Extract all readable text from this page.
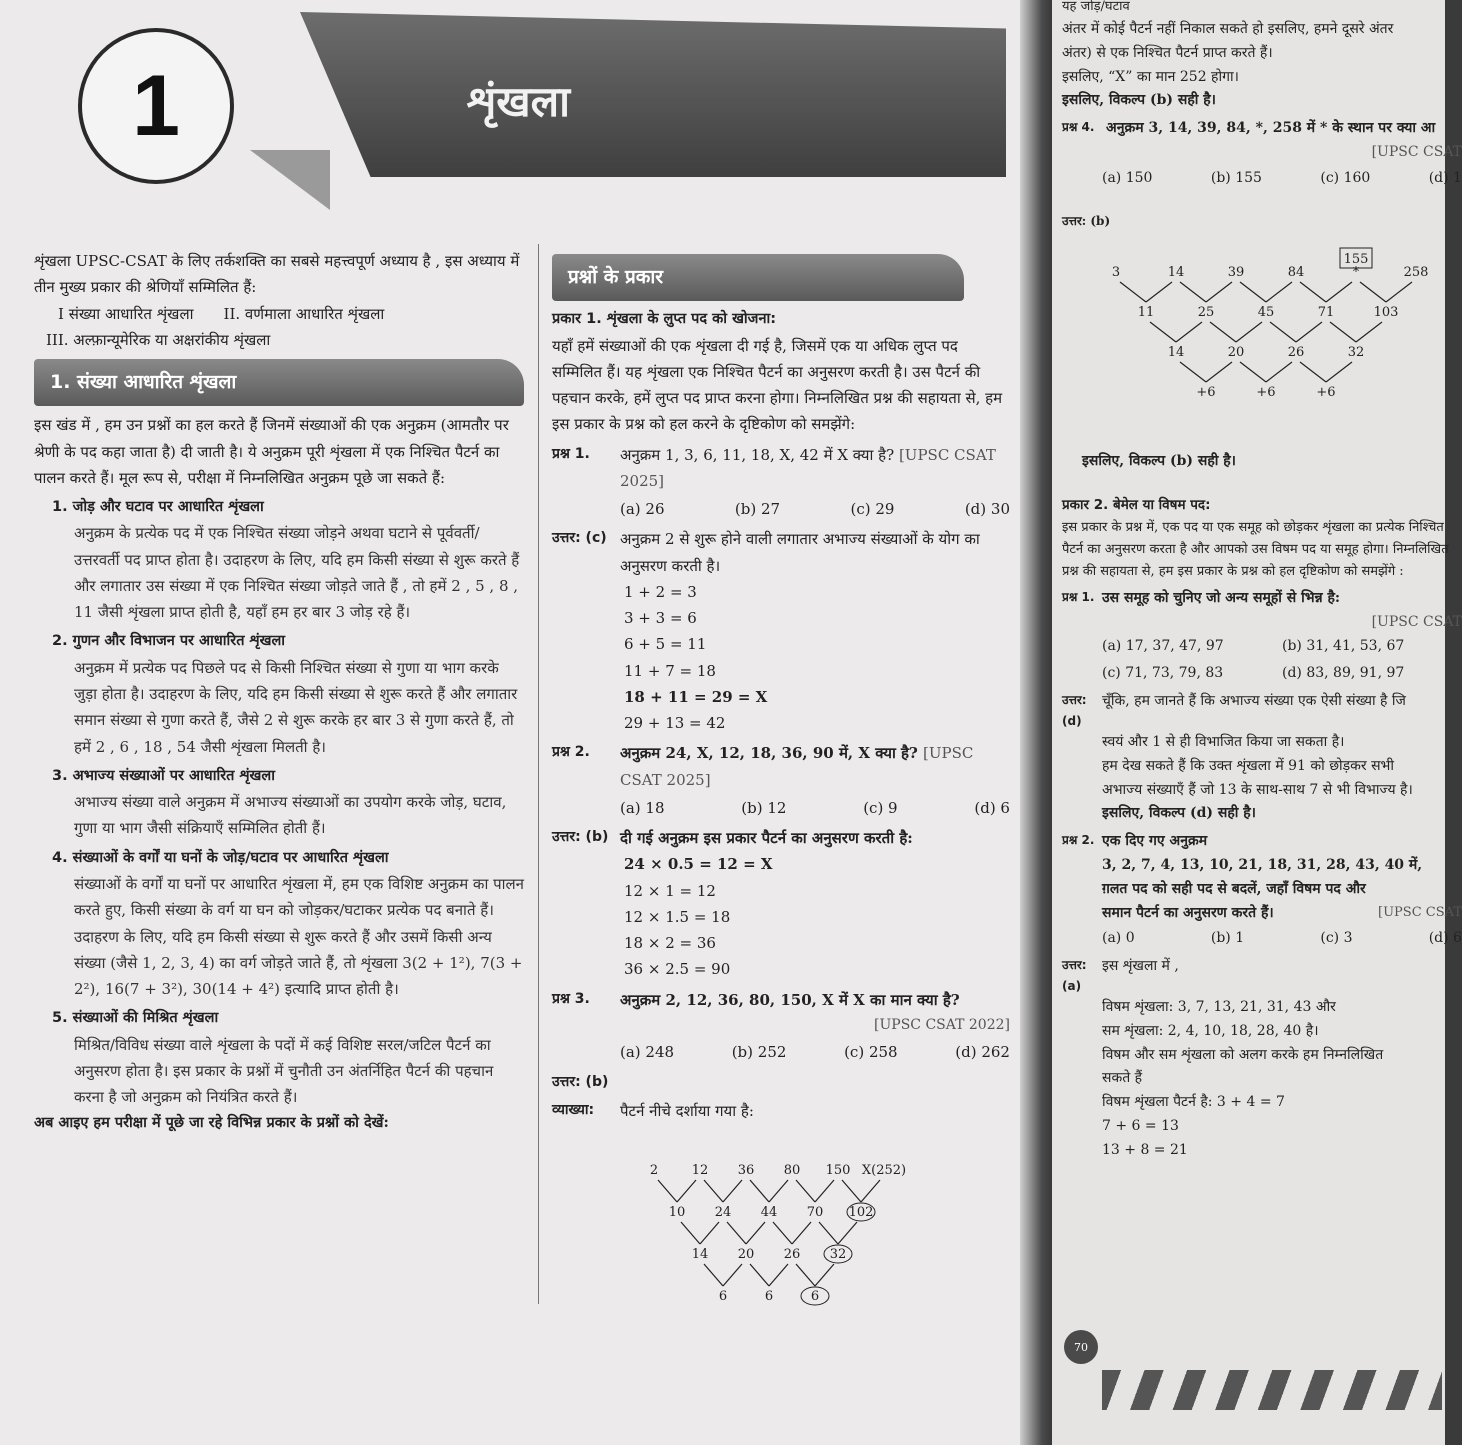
1	शृंखला

शृंखला UPSC-CSAT के लिए तर्कशक्ति का सबसे महत्त्वपूर्ण अध्याय है , इस अध्याय में तीन मुख्य प्रकार की श्रेणियाँ सम्मिलित हैं:

I संख्या आधारित शृंखला II. वर्णमाला आधारित शृंखला

III. अल्फ़ान्यूमेरिक या अक्षरांकीय शृंखला

1. संख्या आधारित शृंखला

इस खंड में , हम उन प्रश्नों का हल करते हैं जिनमें संख्याओं की एक अनुक्रम (आमतौर पर श्रेणी के पद कहा जाता है) दी जाती है। ये अनुक्रम पूरी शृंखला में एक निश्चित पैटर्न का पालन करते हैं। मूल रूप से, परीक्षा में निम्नलिखित अनुक्रम पूछे जा सकते हैं:

1. जोड़ और घटाव पर आधारित शृंखला

अनुक्रम के प्रत्येक पद में एक निश्चित संख्या जोड़ने अथवा घटाने से पूर्ववर्ती/उत्तरवर्ती पद प्राप्त होता है। उदाहरण के लिए, यदि हम किसी संख्या से शुरू करते हैं और लगातार उस संख्या में एक निश्चित संख्या जोड़ते जाते हैं , तो हमें 2 , 5 , 8 , 11 जैसी शृंखला प्राप्त होती है, यहाँ हम हर बार 3 जोड़ रहे हैं।

2. गुणन और विभाजन पर आधारित शृंखला

अनुक्रम में प्रत्येक पद पिछले पद से किसी निश्चित संख्या से गुणा या भाग करके जुड़ा होता है। उदाहरण के लिए, यदि हम किसी संख्या से शुरू करते हैं और लगातार समान संख्या से गुणा करते हैं, जैसे 2 से शुरू करके हर बार 3 से गुणा करते हैं, तो हमें 2 , 6 , 18 , 54 जैसी शृंखला मिलती है।

3. अभाज्य संख्याओं पर आधारित शृंखला

अभाज्य संख्या वाले अनुक्रम में अभाज्य संख्याओं का उपयोग करके जोड़, घटाव, गुणा या भाग जैसी संक्रियाएँ सम्मिलित होती हैं।

4. संख्याओं के वर्गों या घनों के जोड़/घटाव पर आधारित शृंखला

संख्याओं के वर्गों या घनों पर आधारित शृंखला में, हम एक विशिष्ट अनुक्रम का पालन करते हुए, किसी संख्या के वर्ग या घन को जोड़कर/घटाकर प्रत्येक पद बनाते हैं। उदाहरण के लिए, यदि हम किसी संख्या से शुरू करते हैं और उसमें किसी अन्य संख्या (जैसे 1, 2, 3, 4) का वर्ग जोड़ते जाते हैं, तो शृंखला 3(2 + 1²), 7(3 + 2²), 16(7 + 3²), 30(14 + 4²) इत्यादि प्राप्त होती है।

5. संख्याओं की मिश्रित शृंखला

मिश्रित/विविध संख्या वाले शृंखला के पदों में कई विशिष्ट सरल/जटिल पैटर्न का अनुसरण होता है। इस प्रकार के प्रश्नों में चुनौती उन अंतर्निहित पैटर्न की पहचान करना है जो अनुक्रम को नियंत्रित करते हैं।

अब आइए हम परीक्षा में पूछे जा रहे विभिन्न प्रकार के प्रश्नों को देखें:

प्रश्नों के प्रकार
प्रकार 1. शृंखला के लुप्त पद को खोजना:

यहाँ हमें संख्याओं की एक शृंखला दी गई है, जिसमें एक या अधिक लुप्त पद सम्मिलित हैं। यह शृंखला एक निश्चित पैटर्न का अनुसरण करती है। उस पैटर्न की पहचान करके, हमें लुप्त पद प्राप्त करना होगा। निम्नलिखित प्रश्न की सहायता से, हम इस प्रकार के प्रश्न को हल करने के दृष्टिकोण को समझेंगे:

प्रश्न 1.	अनुक्रम 1, 3, 6, 11, 18, X, 42 में X क्या है? [UPSC CSAT 2025]
(a) 26	(b) 27	(c) 29	(d) 30
उत्तर: (c) अनुक्रम 2 से शुरू होने वाली लगातार अभाज्य संख्याओं के योग का अनुसरण करती है।
1 + 2 = 3
3 + 3 = 6
6 + 5 = 11
11 + 7 = 18
18 + 11 = 29 = X
29 + 13 = 42
प्रश्न 2.	अनुक्रम 24, X, 12, 18, 36, 90 में, X क्या है? [UPSC CSAT 2025]
(a) 18	(b) 12	(c) 9	(d) 6
उत्तर: (b) दी गई अनुक्रम इस प्रकार पैटर्न का अनुसरण करती है:
24 × 0.5 = 12 = X
12 × 1 = 12
12 × 1.5 = 18
18 × 2 = 36
36 × 2.5 = 90
प्रश्न 3.	अनुक्रम 2, 12, 36, 80, 150, X में X का मान क्या है?
[UPSC CSAT 2022]
(a) 248	(b) 252	(c) 258	(d) 262
उत्तर: (b)
व्याख्या:	पैटर्न नीचे दर्शाया गया है:
2	12 36 80 150 X(252)
10 24 44 70 102
14 20 26 32
6	6	6
यह जोड़/घटाव
अंतर में कोई पैटर्न नहीं निकाल सकते हो इसलिए, हमने दूसरे अंतर
अंतर) से एक निश्चित पैटर्न प्राप्त करते हैं।
इसलिए, “X” का मान 252 होगा।
इसलिए, विकल्प (b) सही है।
प्रश्न 4. अनुक्रम 3, 14, 39, 84, *, 258 में * के स्थान पर क्या आ
[UPSC CSAT
(a) 150	(b) 155	(c) 160	(d) 1
उत्तर: (b)
3	14	39	84	*	258
11	25	45	71	103
14	20	26	32
+6	+6	+6
155
इसलिए, विकल्प (b) सही है।
प्रकार 2. बेमेल या विषम पद:

इस प्रकार के प्रश्न में, एक पद या एक समूह को छोड़कर शृंखला का प्रत्येक निश्चित पैटर्न का अनुसरण करता है और आपको उस विषम पद या समूह होगा। निम्नलिखित प्रश्न की सहायता से, हम इस प्रकार के प्रश्न को हल दृष्टिकोण को समझेंगे :

प्रश्न 1. उस समूह को चुनिए जो अन्य समूहों से भिन्न है:
[UPSC CSAT
(a) 17, 37, 47, 97	(b) 31, 41, 53, 67
(c) 71, 73, 79, 83	(d) 83, 89, 91, 97
उत्तर: (d)
चूँकि, हम जानते हैं कि अभाज्य संख्या एक ऐसी संख्या है जि
स्वयं और 1 से ही विभाजित किया जा सकता है।
हम देख सकते हैं कि उक्त शृंखला में 91 को छोड़कर सभी
अभाज्य संख्याएँ हैं जो 13 के साथ-साथ 7 से भी विभाज्य है।
इसलिए, विकल्प (d) सही है।
प्रश्न 2. एक दिए गए अनुक्रम
3, 2, 7, 4, 13, 10, 21, 18, 31, 28, 43, 40 में,
ग़लत पद को सही पद से बदलें, जहाँ विषम पद और
समान पैटर्न का अनुसरण करते हैं।	[UPSC CSAT
(a) 0	(b) 1	(c) 3	(d) 6
उत्तर: (a)
इस शृंखला में ,
विषम शृंखला: 3, 7, 13, 21, 31, 43 और
सम शृंखला: 2, 4, 10, 18, 28, 40 है।
विषम और सम शृंखला को अलग करके हम निम्नलिखित
सकते हैं
विषम शृंखला पैटर्न है: 3 + 4 = 7
7 + 6 = 13
13 + 8 = 21
70
